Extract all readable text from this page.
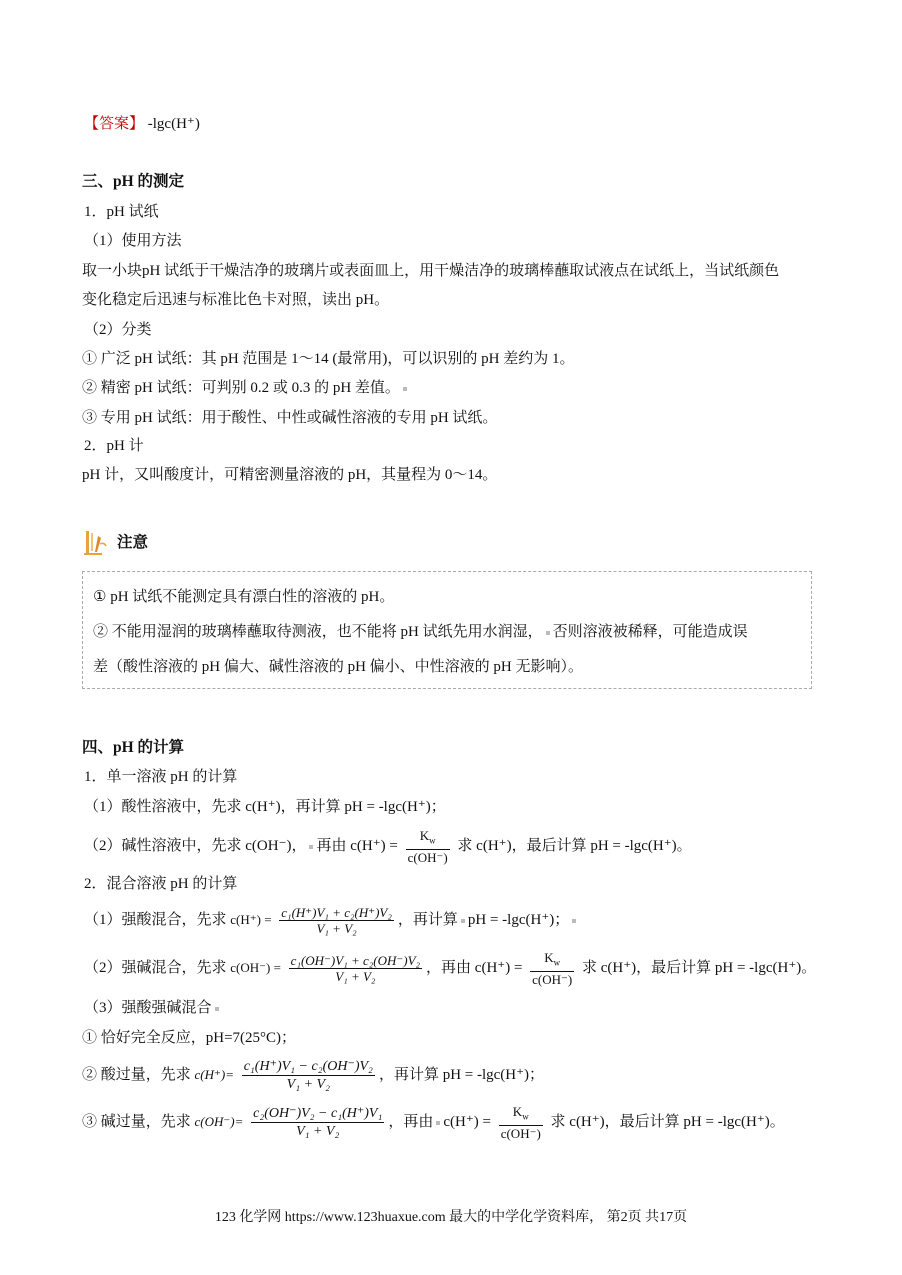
【答案】 -lgc(H⁺)
三、pH 的测定
1．pH 试纸
（1）使用方法
取一小块pH 试纸于干燥洁净的玻璃片或表面皿上，用干燥洁净的玻璃棒蘸取试液点在试纸上，当试纸颜色
变化稳定后迅速与标准比色卡对照，读出 pH。
（2）分类
① 广泛 pH 试纸：其 pH 范围是 1～14 (最常用)，可以识别的 pH 差约为 1。
② 精密 pH 试纸：可判别 0.2 或 0.3 的 pH 差值。
③ 专用 pH 试纸：用于酸性、中性或碱性溶液的专用 pH 试纸。
2．pH 计
pH 计，又叫酸度计，可精密测量溶液的 pH，其量程为 0～14。
注意
① pH 试纸不能测定具有漂白性的溶液的 pH。
② 不能用湿润的玻璃棒蘸取待测液，也不能将 pH 试纸先用水润湿， 否则溶液被稀释，可能造成误
差（酸性溶液的 pH 偏大、碱性溶液的 pH 偏小、中性溶液的 pH 无影响）。
四、pH 的计算
1．单一溶液 pH 的计算
（1）酸性溶液中，先求 c(H⁺)，再计算 pH = -lgc(H⁺)；
（2）碱性溶液中，先求 c(OH⁻)， 再由 $c(H^+) = \frac{K_w}{c(OH^-)}$ 求 c(H⁺)，最后计算 pH = -lgc(H⁺)。
2．混合溶液 pH 的计算
（1）强酸混合，先求 $c(H^+) = \frac{\text{c₁(H⁺)V₁ + c₂(H⁺)V₂}}{\text{V₁ + V₂}}$ ，再计算 pH = -lgc(H⁺)；
（2）强碱混合，先求 $c(OH^-) = \frac{\text{c₁(OH⁻)V₁ + c₂(OH⁻)V₂}}{\text{V₁ + V₂}}$ ，再由 $c(H^+) = \frac{K_w}{c(OH^-)}$ 求 c(H⁺)，最后计算 pH = -lgc(H⁺)。
（3）强酸强碱混合
① 恰好完全反应，pH=7(25°C)；
② 酸过量，先求 $c(H^+)= \frac{\text{c₁(H⁺)V₁ − c₂(OH⁻)V₂}}{\text{V₁ + V₂}}$ ，再计算 pH = -lgc(H⁺)；
③ 碱过量，先求 $c(OH^-)= \frac{\text{c₂(OH⁻)V₂ − c₁(H⁺)V₁}}{\text{V₁ + V₂}}$ ，再由 $c(H^+) = \frac{K_w}{c(OH^-)}$ 求 c(H⁺)，最后计算 pH = -lgc(H⁺)。
123 化学网 https://www.123huaxue.com 最大的中学化学资料库， 第2页 共17页
